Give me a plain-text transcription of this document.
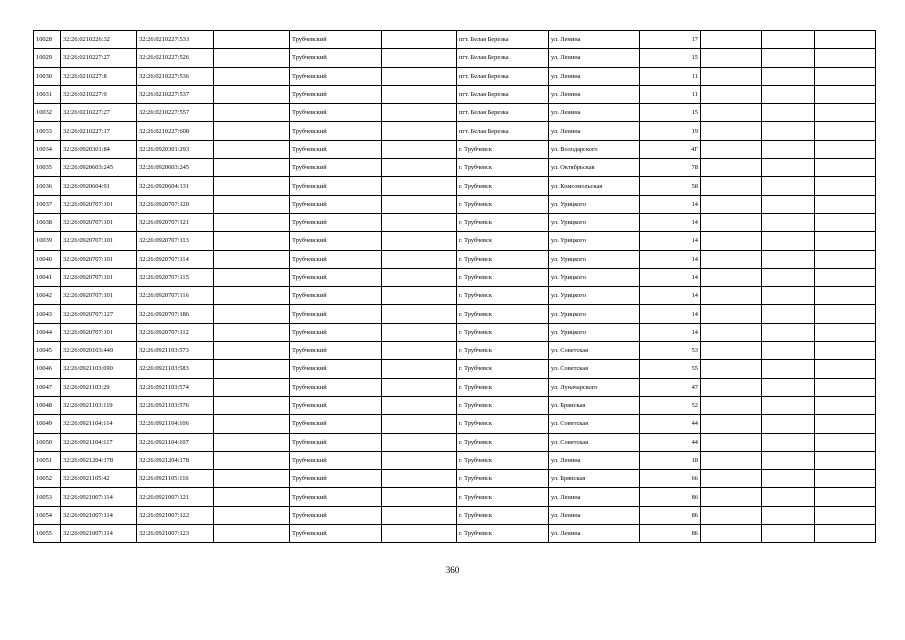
10028	32:26:0210226:32	32:26:0210227:533		Трубчевский			пгт. Белая Березка	ул. Ленина	17			
10029	32:26:0210227:27	32:26:0210227:526		Трубчевский			пгт. Белая Березка	ул. Ленина	15			
10030	32:26:0210227:8	32:26:0210227:536		Трубчевский			пгт. Белая Березка	ул. Ленина	11			
10031	32:26:0210227:9	32:26:0210227:537		Трубчевский			пгт. Белая Березка	ул. Ленина	11			
10032	32:26:0210227:27	32:26:0210227:557		Трубчевский			пгт. Белая Березка	ул. Ленина	15			
10033	32:26:0210227:17	32:26:0210227:608		Трубчевский			пгт. Белая Березка	ул. Ленина	19			
10034	32:26:0920301:84	32:26:0920301:293		Трубчевский			г. Трубчевск	ул. Володарского	4Г			
10035	32:26:0920603:245	32:26:0920603:245		Трубчевский			г. Трубчевск	ул. Октябрьская	78			
10036	32:26:0920604:91	32:26:0920604:131		Трубчевский			г. Трубчевск	ул. Комсомольская	58			
10037	32:26:0920707:101	32:26:0920707:120		Трубчевский			г. Трубчевск	ул. Урицкого	14			
10038	32:26:0920707:101	32:26:0920707:121		Трубчевский			г. Трубчевск	ул. Урицкого	14			
10039	32:26:0920707:101	32:26:0920707:113		Трубчевский			г. Трубчевск	ул. Урицкого	14			
10040	32:26:0920707:101	32:26:0920707:114		Трубчевский			г. Трубчевск	ул. Урицкого	14			
10041	32:26:0920707:101	32:26:0920707:115		Трубчевский			г. Трубчевск	ул. Урицкого	14			
10042	32:26:0920707:101	32:26:0920707:116		Трубчевский			г. Трубчевск	ул. Урицкого	14			
10043	32:26:0920707:127	32:26:0920707:186		Трубчевский			г. Трубчевск	ул. Урицкого	14			
10044	32:26:0920707:101	32:26:0920707:112		Трубчевский			г. Трубчевск	ул. Урицкого	14			
10045	32:26:0920103:449	32:26:0921103:573		Трубчевский			г. Трубчевск	ул. Советская	53			
10046	32:26:0921103:690	32:26:0921103:583		Трубчевский			г. Трубчевск	ул. Советская	55			
10047	32:26:0921103:29	32:26:0921103:574		Трубчевский			г. Трубчевск	ул. Луначарского	47			
10048	32:26:0921103:119	32:26:0921103:576		Трубчевский			г. Трубчевск	ул. Брянская	52			
10049	32:26:0921104:114	32:26:0921104:106		Трубчевский			г. Трубчевск	ул. Советская	44			
10050	32:26:0921104:117	32:26:0921104:107		Трубчевский			г. Трубчевск	ул. Советская	44			
10051	32:26:0921204:178	32:26:0921204:178		Трубчевский			г. Трубчевск	ул. Ленина	18			
10052	32:26:0921105:42	32:26:0921105:116		Трубчевский			г. Трубчевск	ул. Брянская	66			
10053	32:26:0921007:114	32:26:0921007:121		Трубчевский			г. Трубчевск	ул. Ленина	86			
10054	32:26:0921007:114	32:26:0921007:122		Трубчевский			г. Трубчевск	ул. Ленина	86			
10055	32:26:0921007:114	32:26:0921007:123		Трубчевский			г. Трубчевск	ул. Ленина	86			
360
